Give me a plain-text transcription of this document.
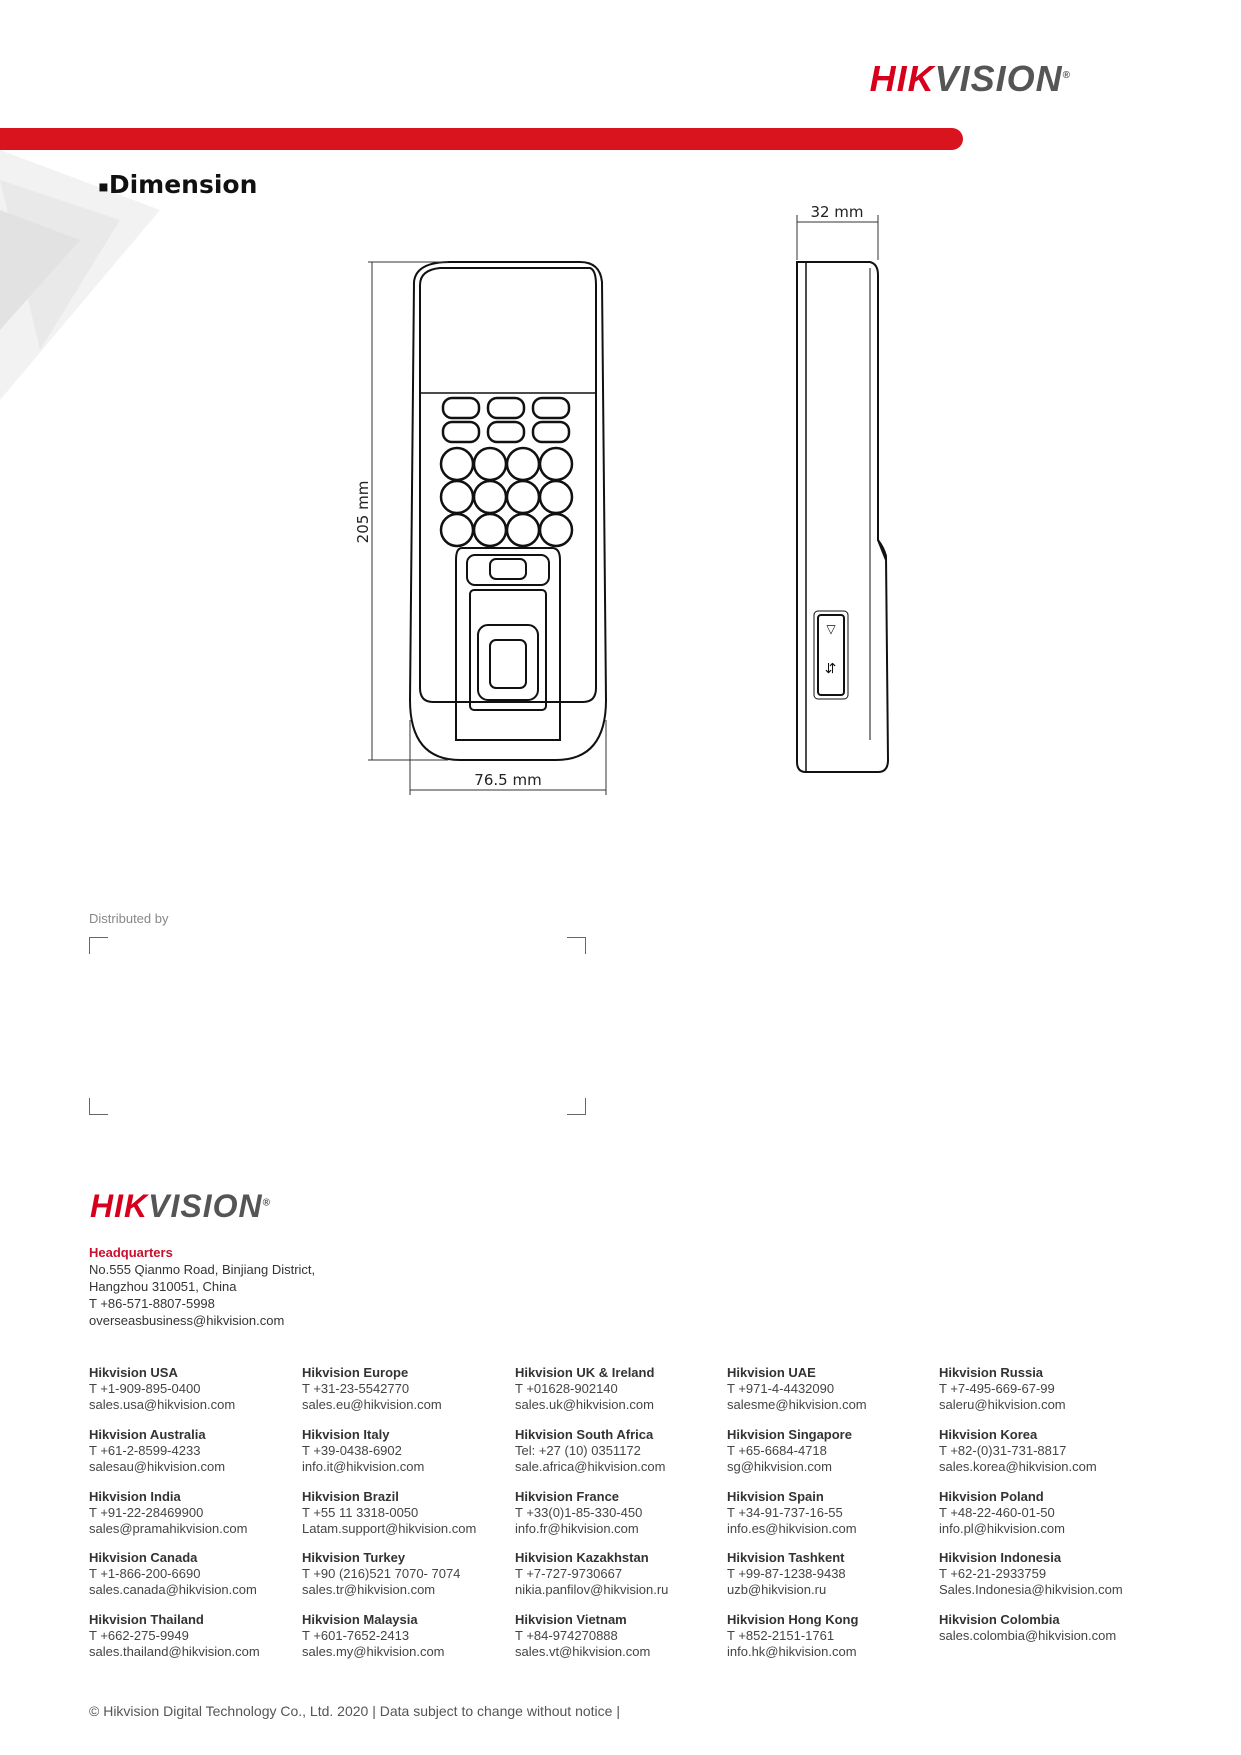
HIKVISION®
▪Dimension
205 mm
76.5 mm
▽
⇆
32 mm
Distributed by
HIKVISION®
Headquarters
No.555 Qianmo Road, Binjiang District,
Hangzhou 310051, China
T +86-571-8807-5998
overseasbusiness@hikvision.com
Hikvision USA
T +1-909-895-0400
sales.usa@hikvision.com
Hikvision Europe
T +31-23-5542770
sales.eu@hikvision.com
Hikvision UK & Ireland
T +01628-902140
sales.uk@hikvision.com
Hikvision UAE
T +971-4-4432090
salesme@hikvision.com
Hikvision Russia
T +7-495-669-67-99
saleru@hikvision.com
Hikvision Australia
T +61-2-8599-4233
salesau@hikvision.com
Hikvision Italy
T +39-0438-6902
info.it@hikvision.com
Hikvision South Africa
Tel: +27 (10) 0351172
sale.africa@hikvision.com
Hikvision Singapore
T +65-6684-4718
sg@hikvision.com
Hikvision Korea
T +82-(0)31-731-8817
sales.korea@hikvision.com
Hikvision India
T +91-22-28469900
sales@pramahikvision.com
Hikvision Brazil
T +55 11 3318-0050
Latam.support@hikvision.com
Hikvision France
T +33(0)1-85-330-450
info.fr@hikvision.com
Hikvision Spain
T +34-91-737-16-55
info.es@hikvision.com
Hikvision Poland
T +48-22-460-01-50
info.pl@hikvision.com
Hikvision Canada
T +1-866-200-6690
sales.canada@hikvision.com
Hikvision Turkey
T +90 (216)521 7070- 7074
sales.tr@hikvision.com
Hikvision Kazakhstan
T +7-727-9730667
nikia.panfilov@hikvision.ru
Hikvision Tashkent
T +99-87-1238-9438
uzb@hikvision.ru
Hikvision Indonesia
T +62-21-2933759
Sales.Indonesia@hikvision.com
Hikvision Thailand
T +662-275-9949
sales.thailand@hikvision.com
Hikvision Malaysia
T +601-7652-2413
sales.my@hikvision.com
Hikvision Vietnam
T +84-974270888
sales.vt@hikvision.com
Hikvision Hong Kong
T +852-2151-1761
info.hk@hikvision.com
Hikvision Colombia
sales.colombia@hikvision.com
© Hikvision Digital Technology Co., Ltd. 2020 | Data subject to change without notice |
